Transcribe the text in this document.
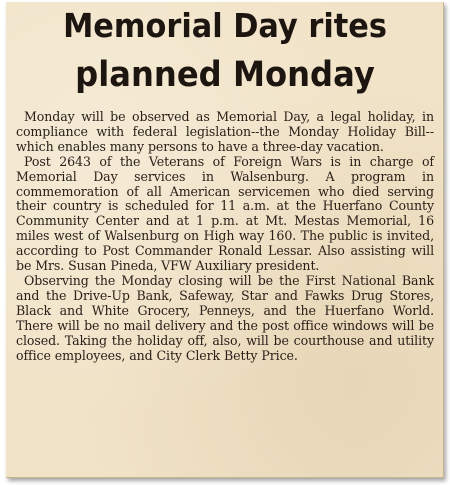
Memorial Day rites
planned Monday

Monday will be observed as Memorial Day, a legal holiday, in compliance with federal legislation--the Monday Holiday Bill--which enables many persons to have a three-day vacation.

Post 2643 of the Veterans of Foreign Wars is in charge of Memorial Day services in Walsenburg. A program in commemoration of all American servicemen who died serving their country is scheduled for 11 a.m. at the Huerfano County Community Center and at 1 p.m. at Mt. Mestas Memorial, 16 miles west of Walsenburg on High way 160. The public is invited, according to Post Commander Ronald Lessar. Also assisting will be Mrs. Susan Pineda, VFW Auxiliary president.

Observing the Monday closing will be the First National Bank and the Drive-Up Bank, Safeway, Star and Fawks Drug Stores, Black and White Grocery, Penneys, and the Huerfano World. There will be no mail delivery and the post office windows will be closed. Taking the holiday off, also, will be courthouse and utility office employees, and City Clerk Betty Price.
